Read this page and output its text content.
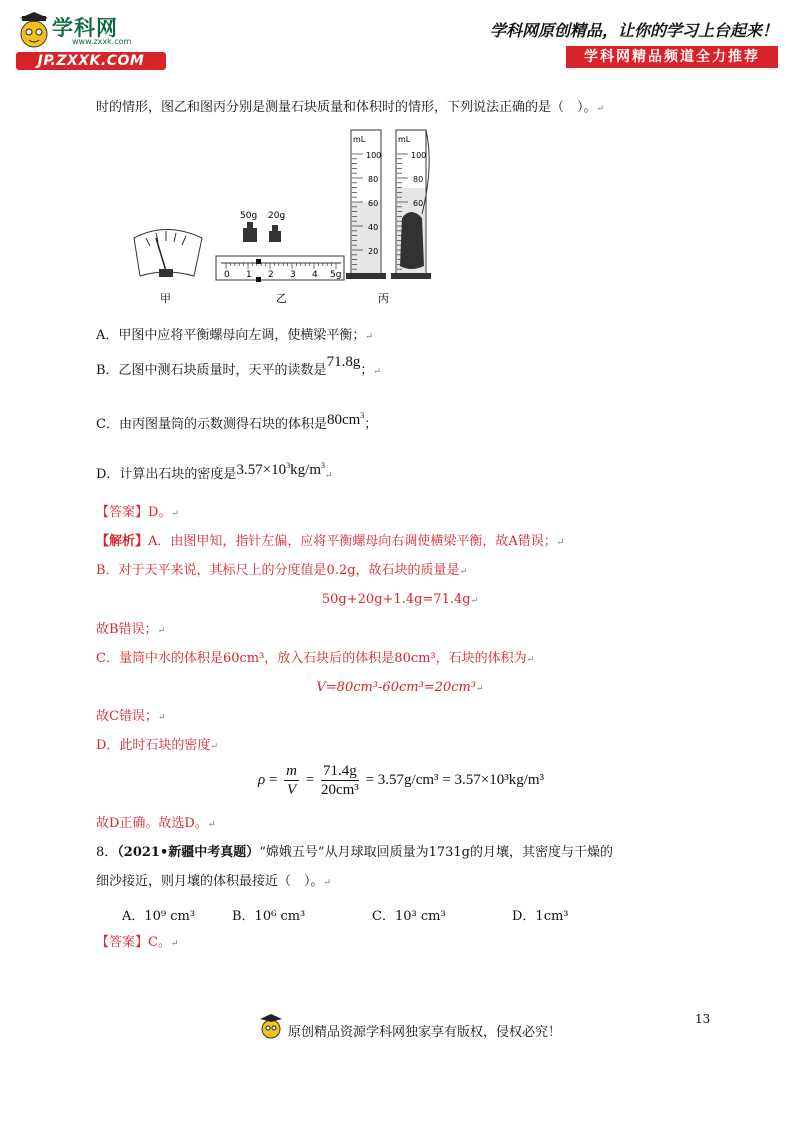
学科网
www.zxxk.com
JP.ZXXK.COM
学科网原创精品，让你的学习上台起来！
学科网精品频道全力推荐
时的情形，图乙和图丙分别是测量石块质量和体积时的情形，下列说法正确的是（　）。↵
50g 20g
0 1 2 3 4 5g
mL	mL
100
80
60
40
20
100
80
60
甲	乙	丙
A．甲图中应将平衡螺母向左调，使横梁平衡；↵
B．乙图中测石块质量时，天平的读数是71.8g；↵
C．由丙图量筒的示数测得石块的体积是$80cm^3$；
D．计算出石块的密度是$3.57\times 10^3kg/m^3↵$
【答案】D。↵
【解析】A．由图甲知，指针左偏，应将平衡螺母向右调使横梁平衡，故A错误；↵
B．对于天平来说，其标尺上的分度值是0.2g，故石块的质量是↵
50g+20g+1.4g=71.4g↵
故B错误；↵
C．量筒中水的体积是60cm³，放入石块后的体积是80cm³，石块的体积为↵
V=80cm³-60cm³=20cm³↵
故C错误；↵
D．此时石块的密度↵
$\rho = \frac{m}{V} = \frac{71.4g}{\text{20cm³}} = 3.57g/cm^3 = 3.57\times 10^3kg/m^3$
故D正确。故选D。↵
8．（2021•新疆中考真题）“嫦娥五号”从月球取回质量为1731g的月壤，其密度与干燥的
细沙接近，则月壤的体积最接近（　）。↵
A．10⁹ cm³	B．10⁶ cm³	C．10³ cm³	D．1cm³
【答案】C。↵
13
原创精品资源学科网独家享有版权，侵权必究！
